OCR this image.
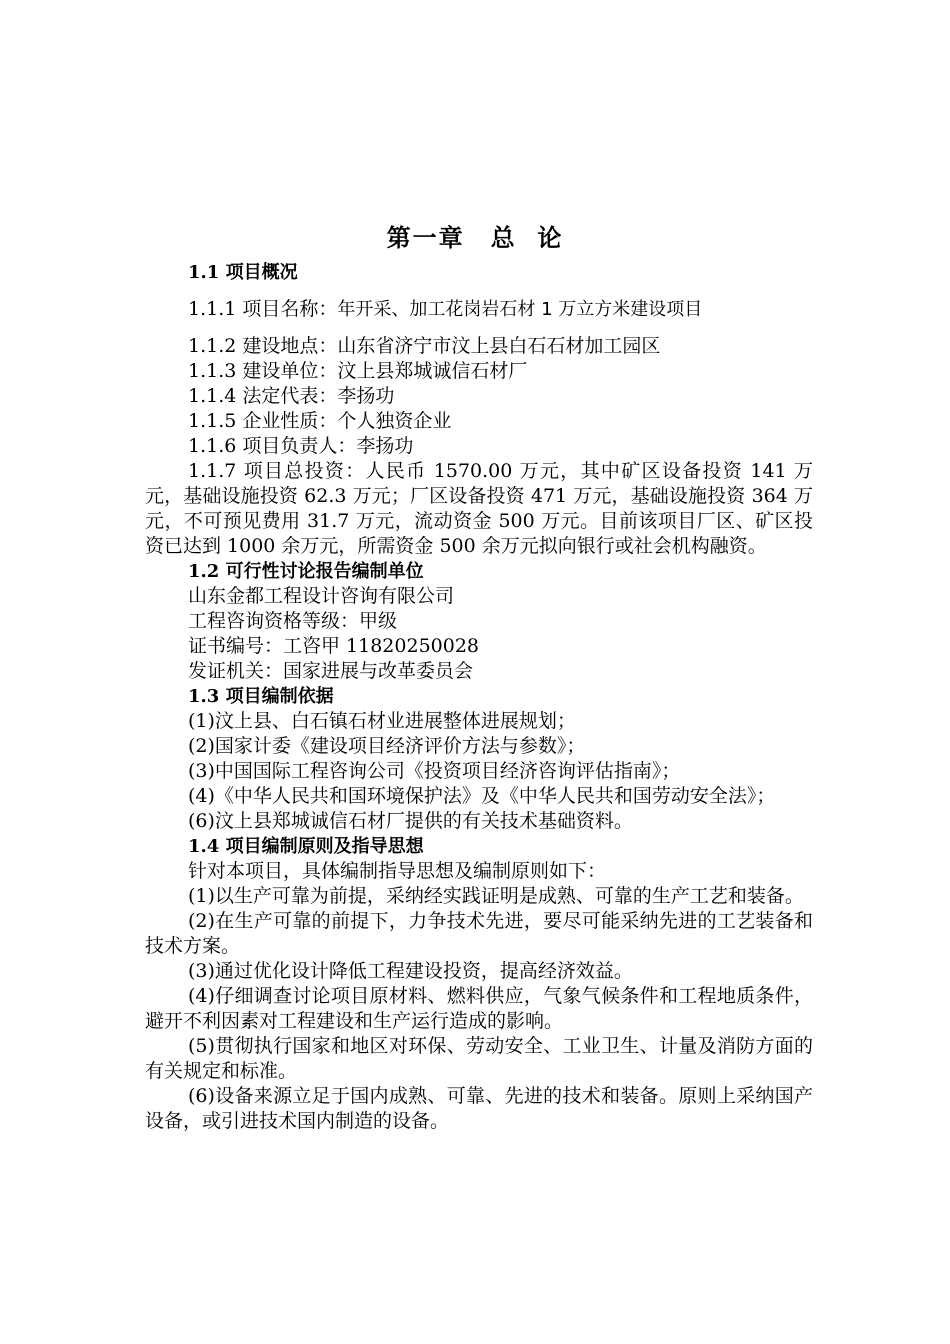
第一章　总  论

1.1 项目概况

1.1.1 项目名称：年开采、加工花岗岩石材 1 万立方米建设项目

1.1.2 建设地点：山东省济宁市汶上县白石石材加工园区

1.1.3 建设单位：汶上县郑城诚信石材厂

1.1.4 法定代表：李扬功

1.1.5 企业性质：个人独资企业

1.1.6 项目负责人：李扬功

1.1.7 项目总投资：人民币 1570.00 万元，其中矿区设备投资 141 万元，基础设施投资 62.3 万元；厂区设备投资 471 万元，基础设施投资 364 万元，不可预见费用 31.7 万元，流动资金 500 万元。目前该项目厂区、矿区投资已达到 1000 余万元，所需资金 500 余万元拟向银行或社会机构融资。

1.2 可行性讨论报告编制单位

山东金都工程设计咨询有限公司

工程咨询资格等级：甲级

证书编号：工咨甲 11820250028

发证机关：国家进展与改革委员会

1.3 项目编制依据

(1)汶上县、白石镇石材业进展整体进展规划；

(2)国家计委《建设项目经济评价方法与参数》；

(3)中国国际工程咨询公司《投资项目经济咨询评估指南》；

(4)《中华人民共和国环境保护法》及《中华人民共和国劳动安全法》；

(6)汶上县郑城诚信石材厂提供的有关技术基础资料。

1.4 项目编制原则及指导思想

针对本项目，具体编制指导思想及编制原则如下：

(1)以生产可靠为前提，采纳经实践证明是成熟、可靠的生产工艺和装备。

(2)在生产可靠的前提下，力争技术先进，要尽可能采纳先进的工艺装备和技术方案。

(3)通过优化设计降低工程建设投资，提高经济效益。

(4)仔细调查讨论项目原材料、燃料供应，气象气候条件和工程地质条件，避开不利因素对工程建设和生产运行造成的影响。

(5)贯彻执行国家和地区对环保、劳动安全、工业卫生、计量及消防方面的有关规定和标准。

(6)设备来源立足于国内成熟、可靠、先进的技术和装备。原则上采纳国产设备，或引进技术国内制造的设备。
